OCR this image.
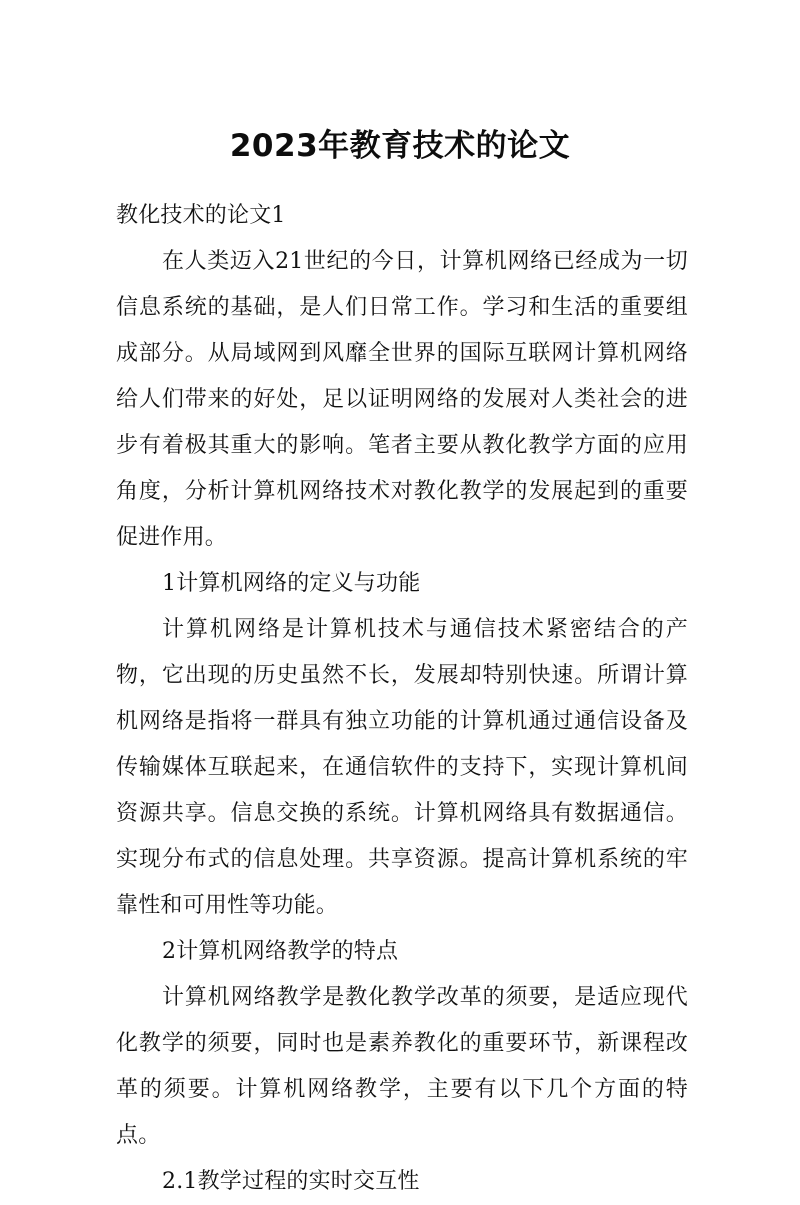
2023年教育技术的论文

教化技术的论文1

在人类迈入21世纪的今日，计算机网络已经成为一切信息系统的基础，是人们日常工作。学习和生活的重要组成部分。从局域网到风靡全世界的国际互联网计算机网络给人们带来的好处，足以证明网络的发展对人类社会的进步有着极其重大的影响。笔者主要从教化教学方面的应用角度，分析计算机网络技术对教化教学的发展起到的重要促进作用。

1计算机网络的定义与功能

计算机网络是计算机技术与通信技术紧密结合的产物，它出现的历史虽然不长，发展却特别快速。所谓计算机网络是指将一群具有独立功能的计算机通过通信设备及传输媒体互联起来，在通信软件的支持下，实现计算机间资源共享。信息交换的系统。计算机网络具有数据通信。实现分布式的信息处理。共享资源。提高计算机系统的牢靠性和可用性等功能。

2计算机网络教学的特点

计算机网络教学是教化教学改革的须要，是适应现代化教学的须要，同时也是素养教化的重要环节，新课程改革的须要。计算机网络教学，主要有以下几个方面的特点。

2.1教学过程的实时交互性
